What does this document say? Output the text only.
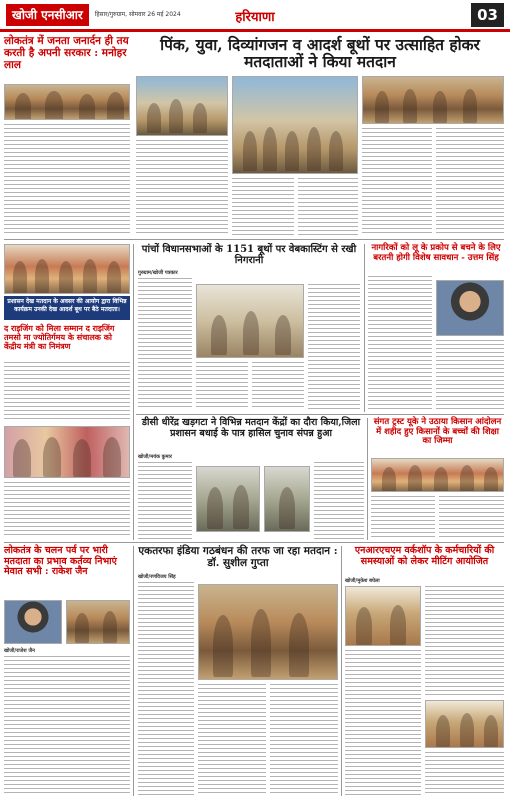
खोजी एनसीआर	हिसार/गुरुग्राम, सोमवार 26 मई 2024	हरियाणा	03
लोकतंत्र में जनता जनार्दन ही तय करती है अपनी सरकार : मनोहर लाल
पिंक, युवा, दिव्यांगजन व आदर्श बूथों पर उत्साहित होकर मतदाताओं ने किया मतदान
प्रशासन देख मतदान के अवसर की आयोग द्वारा विभिन्न कार्यक्रम उनकी देख आदर्श बूथ पर बैठे मतदाता।
द राइजिंग को मिला सम्मान द राइजिंग तमसो मा ज्योतिर्गमय के संचालक को केंद्रीय मंत्री का निमंत्रण
पांचों विधानसभाओं के 1151 बूथों पर वेबकास्टिंग से रखी निगरानी
गुरुग्राम/खोजी पत्रकार
नागरिकों को लू के प्रकोप से बचने के लिए बरतनी होगी विशेष सावधान - उत्तम सिंह
डीसी धीरेंद्र खड़गटा ने विभिन्न मतदान केंद्रों का दौरा किया,जिला प्रशासन बधाई के पात्र हासिल चुनाव संपन्न हुआ
खोजी/मयंक कुमार
संगत ट्रस्ट यूके ने उठाया किसान आंदोलन में शहीद हुए किसानों के बच्चों की शिक्षा का जिम्मा
लोकतंत्र के चलन पर्व पर भारी मतदाता का प्रभाव कर्तव्य निभाएं मेवात सभी : राकेश जैन
खोजी/राजेश जैन
एकतरफा इंडिया गठबंधन की तरफ जा रहा मतदान : डॉ. सुशील गुप्ता
खोजी/रणविजय सिंह
एनआरएचएम वर्कशॉप के कर्मचारियों की समस्याओं को लेकर मीटिंग आयोजित
खोजी/मुकेश बघेला
